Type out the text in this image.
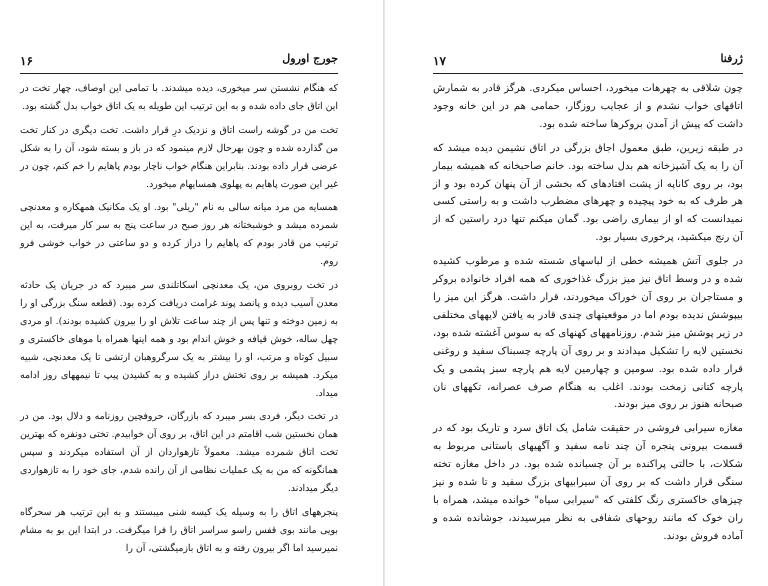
۱۶	جورج اورول

که هنگام نشستن سر میخوری، دیده میشدند. با تمامی این اوصاف، چهار تخت در این اتاق جای داده شده و به این ترتیب این طویله به یک اتاق خواب بدل گشته بود.

تخت من در گوشه راست اتاق و نزدیک درِ قرار داشت. تخت دیگری در کنار تخت من گذارده شده و چون بهرحال لازم مینمود که در باز و بسته شود، آن را به شکل عرضی قرار داده بودند. بنابراین هنگام خواب ناچار بودم پاهایم را خم کنم، چون در غیر این صورت پاهایم به پهلوی همسایهام میخورد.

همسایه من مرد میانه سالی به نام "ریلی" بود. او یک مکانیک همهکاره و معدنچی شمرده میشد و خوشبختانه هر روز صبح در ساعت پنج به سر کار میرفت، به این ترتیب من قادر بودم که پاهایم را دراز کرده و دو ساعتی در خواب خوشی فرو روم.

در تخت روبروی من، یک معدنچی اسکاتلندی سر میبرد که در جریان یک حادثه معدن آسیب دیده و پانصد پوند غرامت دریافت کرده بود. (قطعه سنگ بزرگی او را به زمین دوخته و تنها پس از چند ساعت تلاش او را بیرون کشیده بودند). او مردی چهل ساله، خوش قیافه و خوش اندام بود و همه اینها همراه با موهای خاکستری و سبیل کوتاه و مرتب، او را بیشتر به یک سرگروهبان ارتشی تا یک معدنچی، شبیه میکرد. همیشه بر روی تختش دراز کشیده و به کشیدن پیپ تا نیمههای روز ادامه میداد.

در تخت دیگر، فردی بسر میبرد که بازرگان، حروفچین روزنامه و دلال بود. من در همان نخستین شب اقامتم در این اتاق، بر روی آن خوابیدم. تختی دونفره که بهترین تخت اتاق شمرده میشد. معمولاً تازهواردان از آن استفاده میکردند و سپس همانگونه که من به یک عملیات نظامی از آن رانده شدم، جای خود را به تازهواردی دیگر میدادند.

پنجرههای اتاق را به وسیله یک کیسه شنی میبستند و به این ترتیب هر سحرگاه بویی مانند بوی قفس راسو سراسر اتاق را فرا میگرفت. در ابتدا این بو به مشام نمیرسید اما اگر بیرون رفته و به اتاق بازمیگشتی، آن را

۱۷	ژرفنا

چون شلاقی به چهرهات میخورد، احساس میکردی. هرگز قادر به شمارش اتاقهای خواب نشدم و از عجایب روزگار، حمامی هم در این خانه وجود داشت که پیش از آمدن بروکرها ساخته شده بود.

در طبقه زیرین، طبق معمول اجاق بزرگی در اتاق نشیمن دیده میشد که آن را به یک آشپزخانه هم بدل ساخته بود. خانم صاحبخانه که همیشه بیمار بود، بر روی کاناپه از پشت افتادهای که بخشی از آن پنهان کرده بود و از هر طرف که به خود پیچیده و چهرهای مضطرب داشت و به راستی کسی نمیدانست که او از بیماری راضی بود. گمان میکنم تنها درد راستین که از آن رنج میکشید، پرخوری بسیار بود.

در جلوی آتش همیشه خطی از لباسهای شسته شده و مرطوب کشیده شده و در وسط اتاق نیز میز بزرگ غذاخوری که همه افراد خانواده بروکر و مستاجران بر روی آن خوراک میخوردند، قرار داشت. هرگز این میز را بیپوشش ندیده بودم اما در موقعیتهای چندی قادر به یافتن لایههای مختلفی در زیر پوشش میز شدم. روزنامههای کهنهای که به سوس آغشته شده بود، نخستین لایه را تشکیل میدادند و بر روی آن پارچه چسبناک سفید و روغنی قرار داده شده بود. سومین و چهارمین لایه هم پارچه سبز پشمی و یک پارچه کتانی زمخت بودند. اغلب به هنگام صرف عصرانه، تکههای نان صبحانه هنوز بر روی میز بودند.

مغازه سیرابی فروشی در حقیقت شامل یک اتاق سرد و تاریک بود که در قسمت بیرونی پنجره آن چند نامه سفید و آگهیهای باستانی مربوط به شکلات، با حالتی پراکنده بر آن چسبانده شده بود. در داخل مغازه تخته سنگی قرار داشت که بر روی آن سیرابیهای بزرگ سفید و تا شده و نیز چیزهای خاکستری رنگ کلفتی که "سیرابی سیاه" خوانده میشد، همراه با ران خوک که مانند روحهای شفافی به نظر میرسیدند، جوشانده شده و آماده فروش بودند.
